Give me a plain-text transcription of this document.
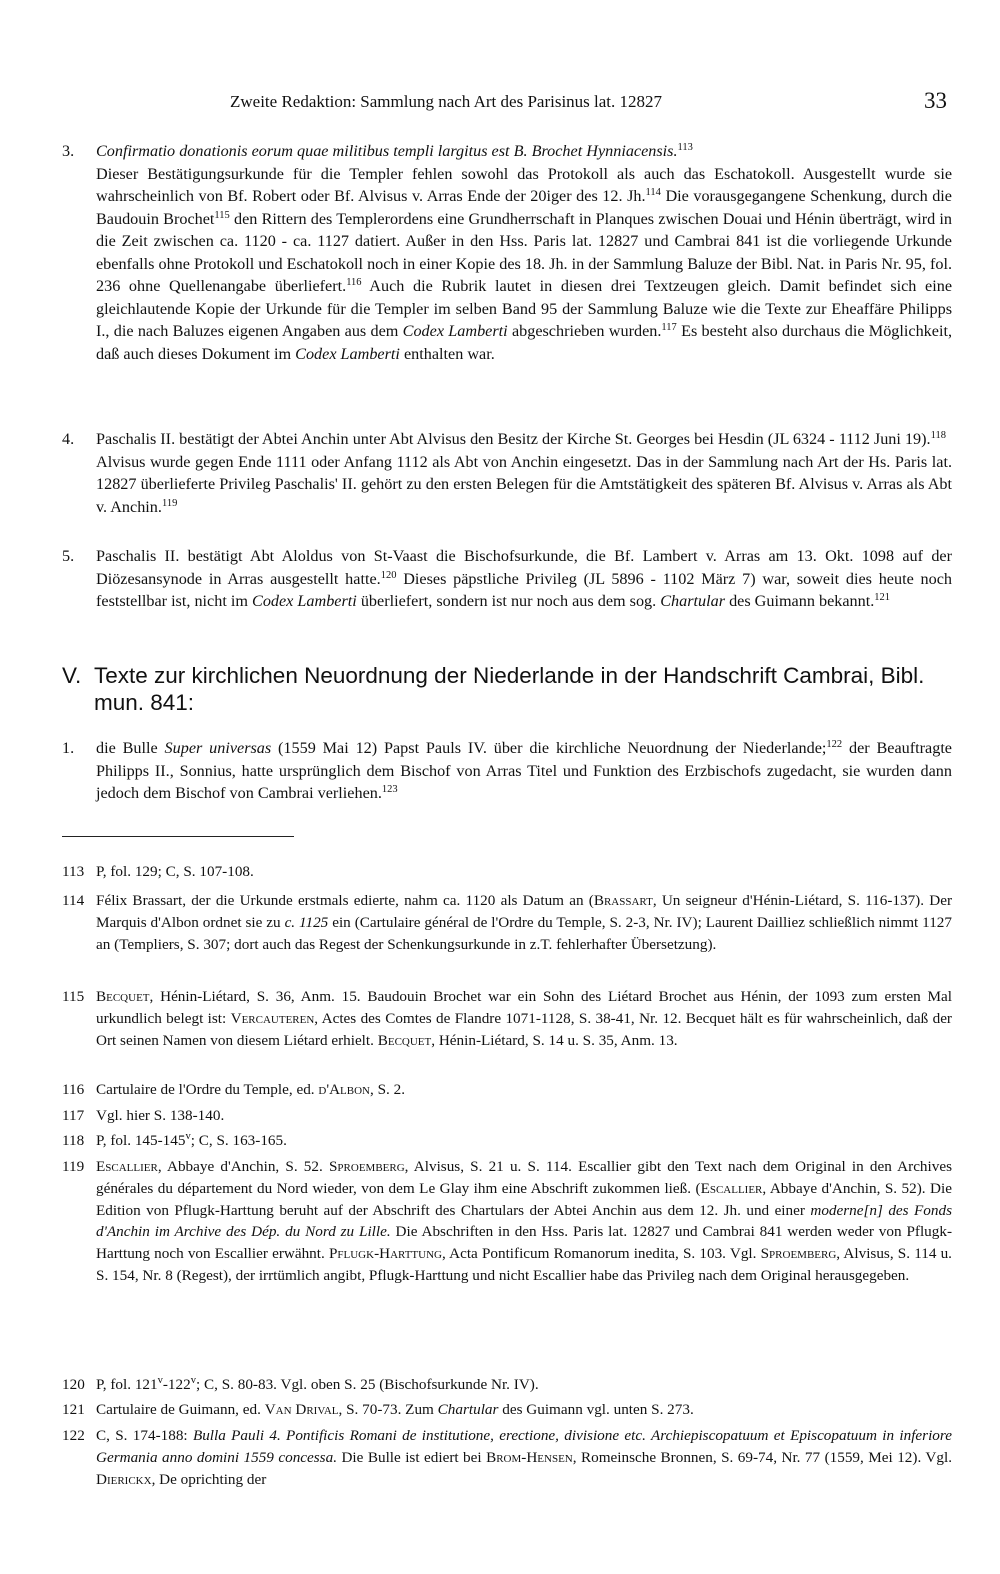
Zweite Redaktion: Sammlung nach Art des Parisinus lat. 12827	33
3.	Confirmatio donationis eorum quae militibus templi largitus est B. Brochet Hynniacensis.$^{113}$

Dieser Bestätigungsurkunde für die Templer fehlen sowohl das Protokoll als auch das Eschatokoll. Ausgestellt wurde sie wahrscheinlich von Bf. Robert oder Bf. Alvisus v. Arras Ende der 20iger des 12. Jh.$^{114}$ Die vorausgegangene Schenkung, durch die Baudouin Brochet$^{115}$ den Rittern des Templerordens eine Grundherrschaft in Planques zwischen Douai und Hénin überträgt, wird in die Zeit zwischen ca. 1120 - ca. 1127 datiert. Außer in den Hss. Paris lat. 12827 und Cambrai 841 ist die vorliegende Urkunde ebenfalls ohne Protokoll und Eschatokoll noch in einer Kopie des 18. Jh. in der Sammlung Baluze der Bibl. Nat. in Paris Nr. 95, fol. 236 ohne Quellenangabe überliefert.$^{116}$ Auch die Rubrik lautet in diesen drei Textzeugen gleich. Damit befindet sich eine gleichlautende Kopie der Urkunde für die Templer im selben Band 95 der Sammlung Baluze wie die Texte zur Eheaffäre Philipps I., die nach Baluzes eigenen Angaben aus dem Codex Lamberti abgeschrieben wurden.$^{117}$ Es besteht also durchaus die Möglichkeit, daß auch dieses Dokument im Codex Lamberti enthalten war.

4.	Paschalis II. bestätigt der Abtei Anchin unter Abt Alvisus den Besitz der Kirche St. Georges bei Hesdin (JL 6324 - 1112 Juni 19).$^{118}$

Alvisus wurde gegen Ende 1111 oder Anfang 1112 als Abt von Anchin eingesetzt. Das in der Sammlung nach Art der Hs. Paris lat. 12827 überlieferte Privileg Paschalis' II. gehört zu den ersten Belegen für die Amtstätigkeit des späteren Bf. Alvisus v. Arras als Abt v. Anchin.$^{119}$

5.	Paschalis II. bestätigt Abt Aloldus von St-Vaast die Bischofsurkunde, die Bf. Lambert v. Arras am 13. Okt. 1098 auf der Diözesansynode in Arras ausgestellt hatte.$^{120}$ Dieses päpstliche Privileg (JL 5896 - 1102 März 7) war, soweit dies heute noch feststellbar ist, nicht im Codex Lamberti überliefert, sondern ist nur noch aus dem sog. Chartular des Guimann bekannt.$^{121}$

V. Texte zur kirchlichen Neuordnung der Niederlande in der Handschrift Cambrai, Bibl. mun. 841:
1.	die Bulle Super universas (1559 Mai 12) Papst Pauls IV. über die kirchliche Neuordnung der Niederlande;$^{122}$ der Beauftragte Philipps II., Sonnius, hatte ursprünglich dem Bischof von Arras Titel und Funktion des Erzbischofs zugedacht, sie wurden dann jedoch dem Bischof von Cambrai verliehen.$^{123}$

113 P, fol. 129; C, S. 107-108.
114 Félix Brassart, der die Urkunde erstmals edierte, nahm ca. 1120 als Datum an (Brassart, Un seigneur d'Hénin-Liétard, S. 116-137). Der Marquis d'Albon ordnet sie zu c. 1125 ein (Cartulaire général de l'Ordre du Temple, S. 2-3, Nr. IV); Laurent Dailliez schließlich nimmt 1127 an (Templiers, S. 307; dort auch das Regest der Schenkungsurkunde in z.T. fehlerhafter Übersetzung).
115 Becquet, Hénin-Liétard, S. 36, Anm. 15. Baudouin Brochet war ein Sohn des Liétard Brochet aus Hénin, der 1093 zum ersten Mal urkundlich belegt ist: Vercauteren, Actes des Comtes de Flandre 1071-1128, S. 38-41, Nr. 12. Becquet hält es für wahrscheinlich, daß der Ort seinen Namen von diesem Liétard erhielt. Becquet, Hénin-Liétard, S. 14 u. S. 35, Anm. 13.
116 Cartulaire de l'Ordre du Temple, ed. d'Albon, S. 2.
117 Vgl. hier S. 138-140.
118 P, fol. 145-145$^v$; C, S. 163-165.
119 Escallier, Abbaye d'Anchin, S. 52. Sproemberg, Alvisus, S. 21 u. S. 114. Escallier gibt den Text nach dem Original in den Archives générales du département du Nord wieder, von dem Le Glay ihm eine Abschrift zukommen ließ. (Escallier, Abbaye d'Anchin, S. 52). Die Edition von Pflugk-Harttung beruht auf der Abschrift des Chartulars der Abtei Anchin aus dem 12. Jh. und einer moderne[n] des Fonds d'Anchin im Archive des Dép. du Nord zu Lille. Die Abschriften in den Hss. Paris lat. 12827 und Cambrai 841 werden weder von Pflugk-Harttung noch von Escallier erwähnt. Pflugk-Harttung, Acta Pontificum Romanorum inedita, S. 103. Vgl. Sproemberg, Alvisus, S. 114 u. S. 154, Nr. 8 (Regest), der irrtümlich angibt, Pflugk-Harttung und nicht Escallier habe das Privileg nach dem Original herausgegeben.
120 P, fol. 121$^v$-122$^v$; C, S. 80-83. Vgl. oben S. 25 (Bischofsurkunde Nr. IV).
121 Cartulaire de Guimann, ed. Van Drival, S. 70-73. Zum Chartular des Guimann vgl. unten S. 273.
122 C, S. 174-188: Bulla Pauli 4. Pontificis Romani de institutione, erectione, divisione etc. Archiepiscopatuum et Episcopatuum in inferiore Germania anno domini 1559 concessa. Die Bulle ist ediert bei Brom-Hensen, Romeinsche Bronnen, S. 69-74, Nr. 77 (1559, Mei 12). Vgl. Dierickx, De oprichting der
